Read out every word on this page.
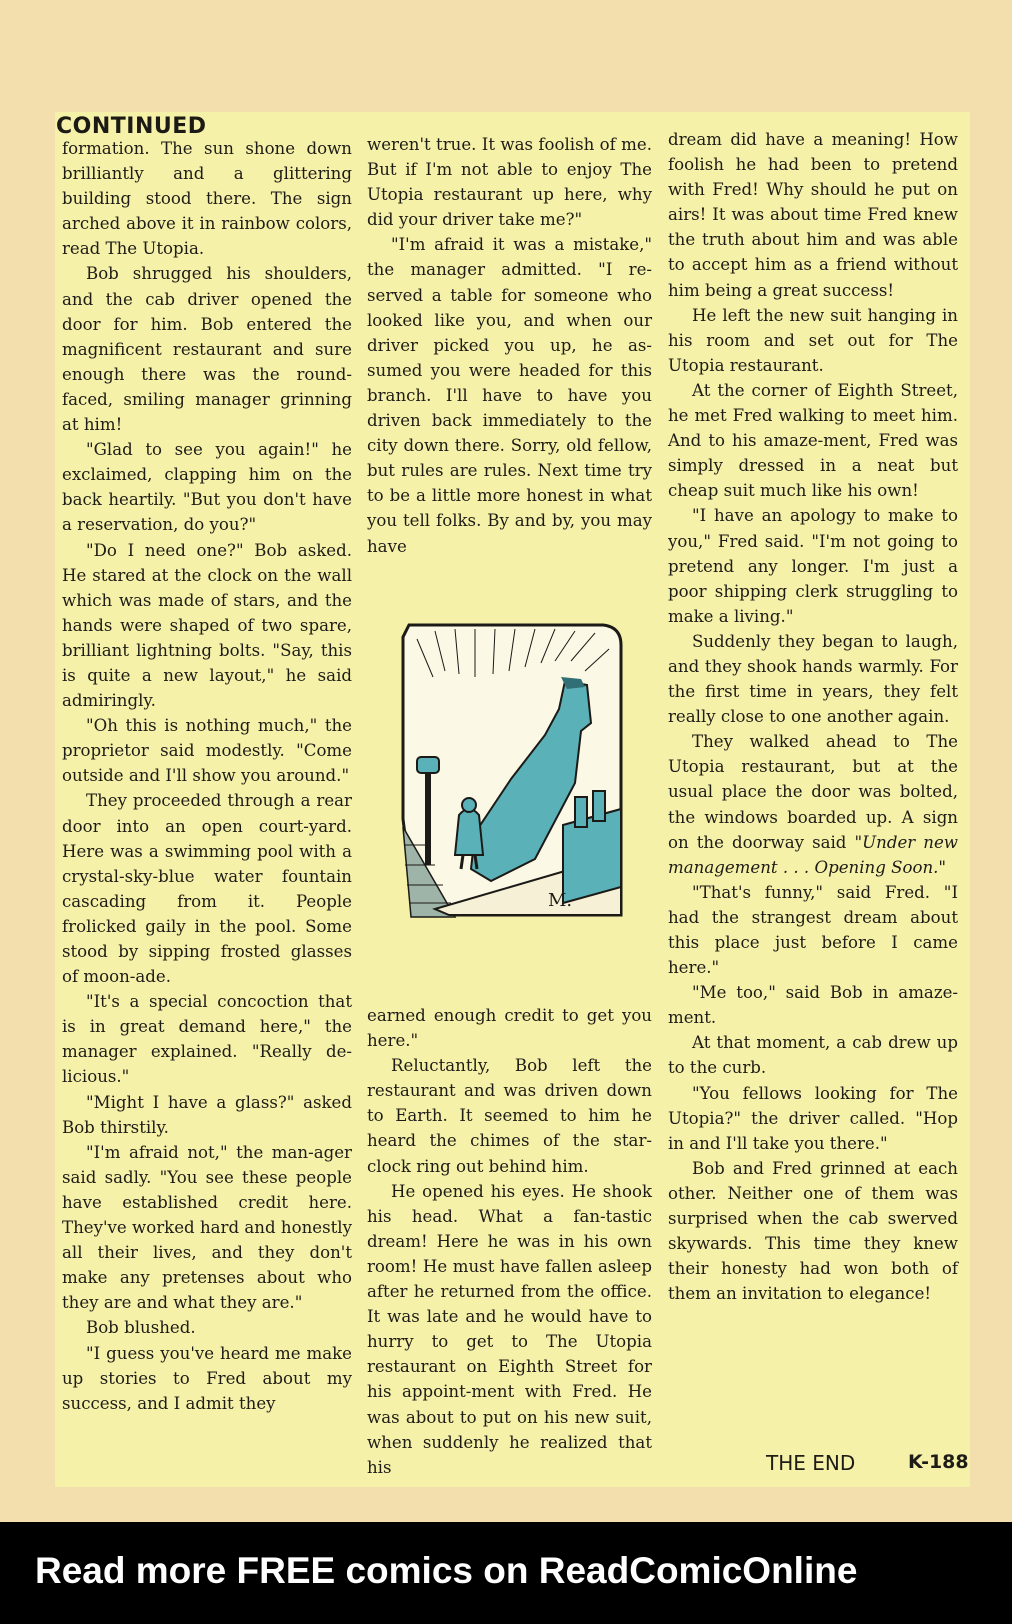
CONTINUED

formation. The sun shone down brilliantly and a glittering building stood there. The sign arched above it in rainbow colors, read The Utopia.

Bob shrugged his shoulders, and the cab driver opened the door for him. Bob entered the magnificent restaurant and sure enough there was the round-faced, smiling manager grinning at him!

"Glad to see you again!" he exclaimed, clapping him on the back heartily. "But you don't have a reservation, do you?"

"Do I need one?" Bob asked. He stared at the clock on the wall which was made of stars, and the hands were shaped of two spare, brilliant lightning bolts. "Say, this is quite a new layout," he said admiringly.

"Oh this is nothing much," the proprietor said modestly. "Come outside and I'll show you around."

They proceeded through a rear door into an open court-yard. Here was a swimming pool with a crystal-sky-blue water fountain cascading from it. People frolicked gaily in the pool. Some stood by sipping frosted glasses of moon-ade.

"It's a special concoction that is in great demand here," the manager explained. "Really de-licious."

"Might I have a glass?" asked Bob thirstily.

"I'm afraid not," the man-ager said sadly. "You see these people have established credit here. They've worked hard and honestly all their lives, and they don't make any pretenses about who they are and what they are."

Bob blushed.

"I guess you've heard me make up stories to Fred about my success, and I admit they

weren't true. It was foolish of me. But if I'm not able to enjoy The Utopia restaurant up here, why did your driver take me?"

"I'm afraid it was a mistake," the manager admitted. "I re-served a table for someone who looked like you, and when our driver picked you up, he as-sumed you were headed for this branch. I'll have to have you driven back immediately to the city down there. Sorry, old fellow, but rules are rules. Next time try to be a little more honest in what you tell folks. By and by, you may have

M.

earned enough credit to get you here."

Reluctantly, Bob left the restaurant and was driven down to Earth. It seemed to him he heard the chimes of the star-clock ring out behind him.

He opened his eyes. He shook his head. What a fan-tastic dream! Here he was in his own room! He must have fallen asleep after he returned from the office. It was late and he would have to hurry to get to The Utopia restaurant on Eighth Street for his appoint-ment with Fred. He was about to put on his new suit, when suddenly he realized that his

dream did have a meaning! How foolish he had been to pretend with Fred! Why should he put on airs! It was about time Fred knew the truth about him and was able to accept him as a friend without him being a great success!

He left the new suit hanging in his room and set out for The Utopia restaurant.

At the corner of Eighth Street, he met Fred walking to meet him. And to his amaze-ment, Fred was simply dressed in a neat but cheap suit much like his own!

"I have an apology to make to you," Fred said. "I'm not going to pretend any longer. I'm just a poor shipping clerk struggling to make a living."

Suddenly they began to laugh, and they shook hands warmly. For the first time in years, they felt really close to one another again.

They walked ahead to The Utopia restaurant, but at the usual place the door was bolted, the windows boarded up. A sign on the doorway said "Under new management . . . Opening Soon."

"That's funny," said Fred. "I had the strangest dream about this place just before I came here."

"Me too," said Bob in amaze-ment.

At that moment, a cab drew up to the curb.

"You fellows looking for The Utopia?" the driver called. "Hop in and I'll take you there."

Bob and Fred grinned at each other. Neither one of them was surprised when the cab swerved skywards. This time they knew their honesty had won both of them an invitation to elegance!

THE END	K-188
Read more FREE comics on ReadComicOnline
